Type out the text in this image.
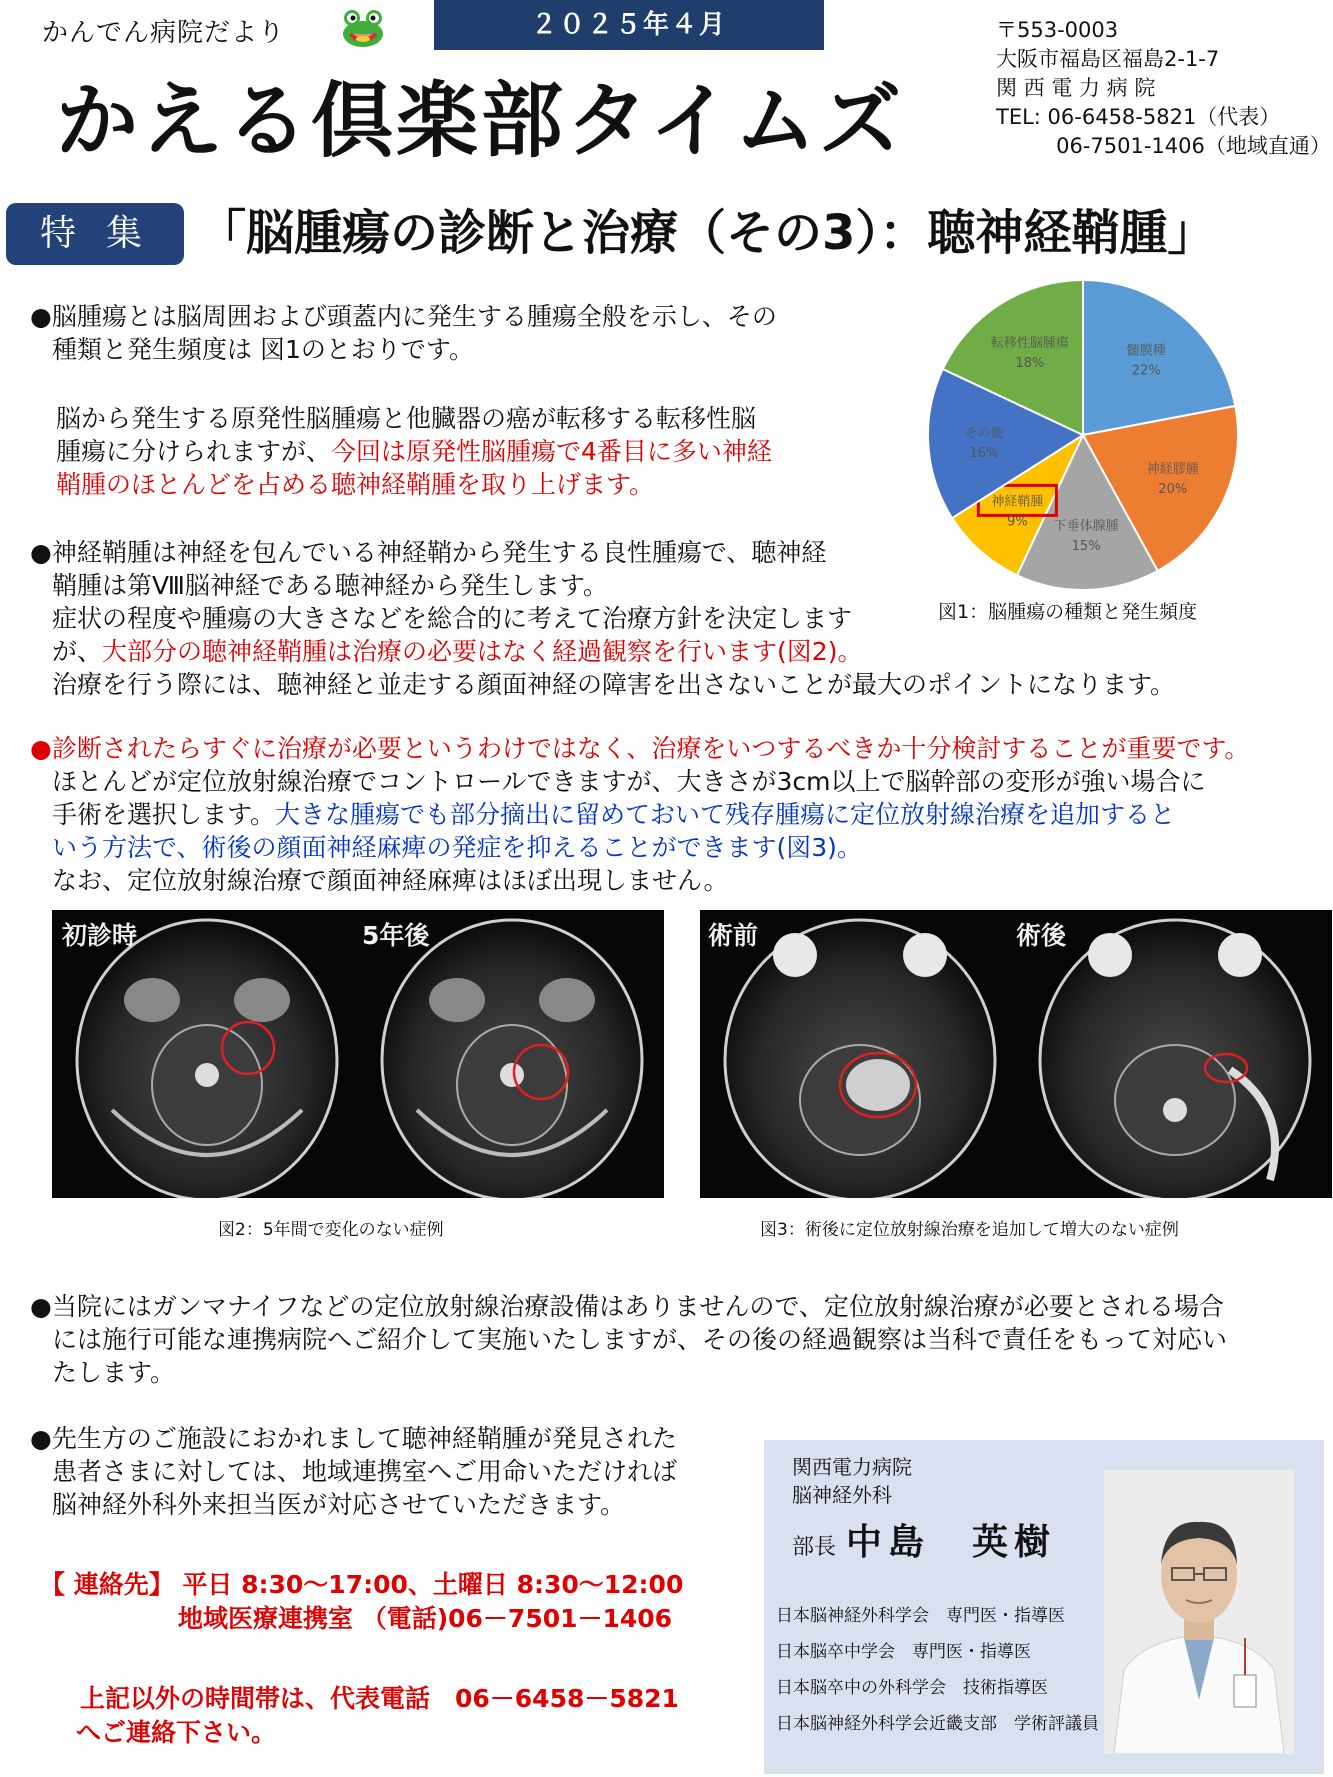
かんでん病院だより	２０２５年４月
かえる倶楽部タイムズ
〒553-0003
大阪市福島区福島2-1-7
関 西 電 力 病 院
TEL: 06-6458-5821（代表）
06-7501-1406（地域直通）
特集 「脳腫瘍の診断と治療（その3）：聴神経鞘腫」
●脳腫瘍とは脳周囲および頭蓋内に発生する腫瘍全般を示し、その
種類と発生頻度は 図1のとおりです。
脳から発生する原発性脳腫瘍と他臓器の癌が転移する転移性脳
腫瘍に分けられますが、今回は原発性脳腫瘍で4番目に多い神経
鞘腫のほとんどを占める聴神経鞘腫を取り上げます。
●神経鞘腫は神経を包んでいる神経鞘から発生する良性腫瘍で、聴神経
鞘腫は第Ⅷ脳神経である聴神経から発生します。
症状の程度や腫瘍の大きさなどを総合的に考えて治療方針を決定します
が、大部分の聴神経鞘腫は治療の必要はなく経過観察を行います(図2)。
治療を行う際には、聴神経と並走する顔面神経の障害を出さないことが最大のポイントになります。
●診断されたらすぐに治療が必要というわけではなく、治療をいつするべきか十分検討することが重要です。
ほとんどが定位放射線治療でコントロールできますが、大きさが3cm以上で脳幹部の変形が強い場合に
手術を選択します。大きな腫瘍でも部分摘出に留めておいて残存腫瘍に定位放射線治療を追加すると
いう方法で、術後の顔面神経麻痺の発症を抑えることができます(図3)。
なお、定位放射線治療で顔面神経麻痺はほぼ出現しません。
髄膜種
22%
神経膠腫
20%
下垂体腺腫
15%
神経鞘腫
9%
その他
16%
転移性脳腫瘍
18%
図1：脳腫瘍の種類と発生頻度
初診時	5年後
図2：5年間で変化のない症例
術前	術後
図3：術後に定位放射線治療を追加して増大のない症例
●当院にはガンマナイフなどの定位放射線治療設備はありませんので、定位放射線治療が必要とされる場合
には施行可能な連携病院へご紹介して実施いたしますが、その後の経過観察は当科で責任をもって対応い
たします。
●先生方のご施設におかれまして聴神経鞘腫が発見された
患者さまに対しては、地域連携室へご用命いただければ
脳神経外科外来担当医が対応させていただきます。
【 連絡先】 平日 8:30～17:00、土曜日 8:30～12:00
地域医療連携室 （電話)06－7501－1406
上記以外の時間帯は、代表電話　06－6458－5821
へご連絡下さい。
関西電力病院
脳神経外科
部長 中島　英樹
日本脳神経外科学会　専門医・指導医
日本脳卒中学会　専門医・指導医
日本脳卒中の外科学会　技術指導医
日本脳神経外科学会近畿支部　学術評議員
